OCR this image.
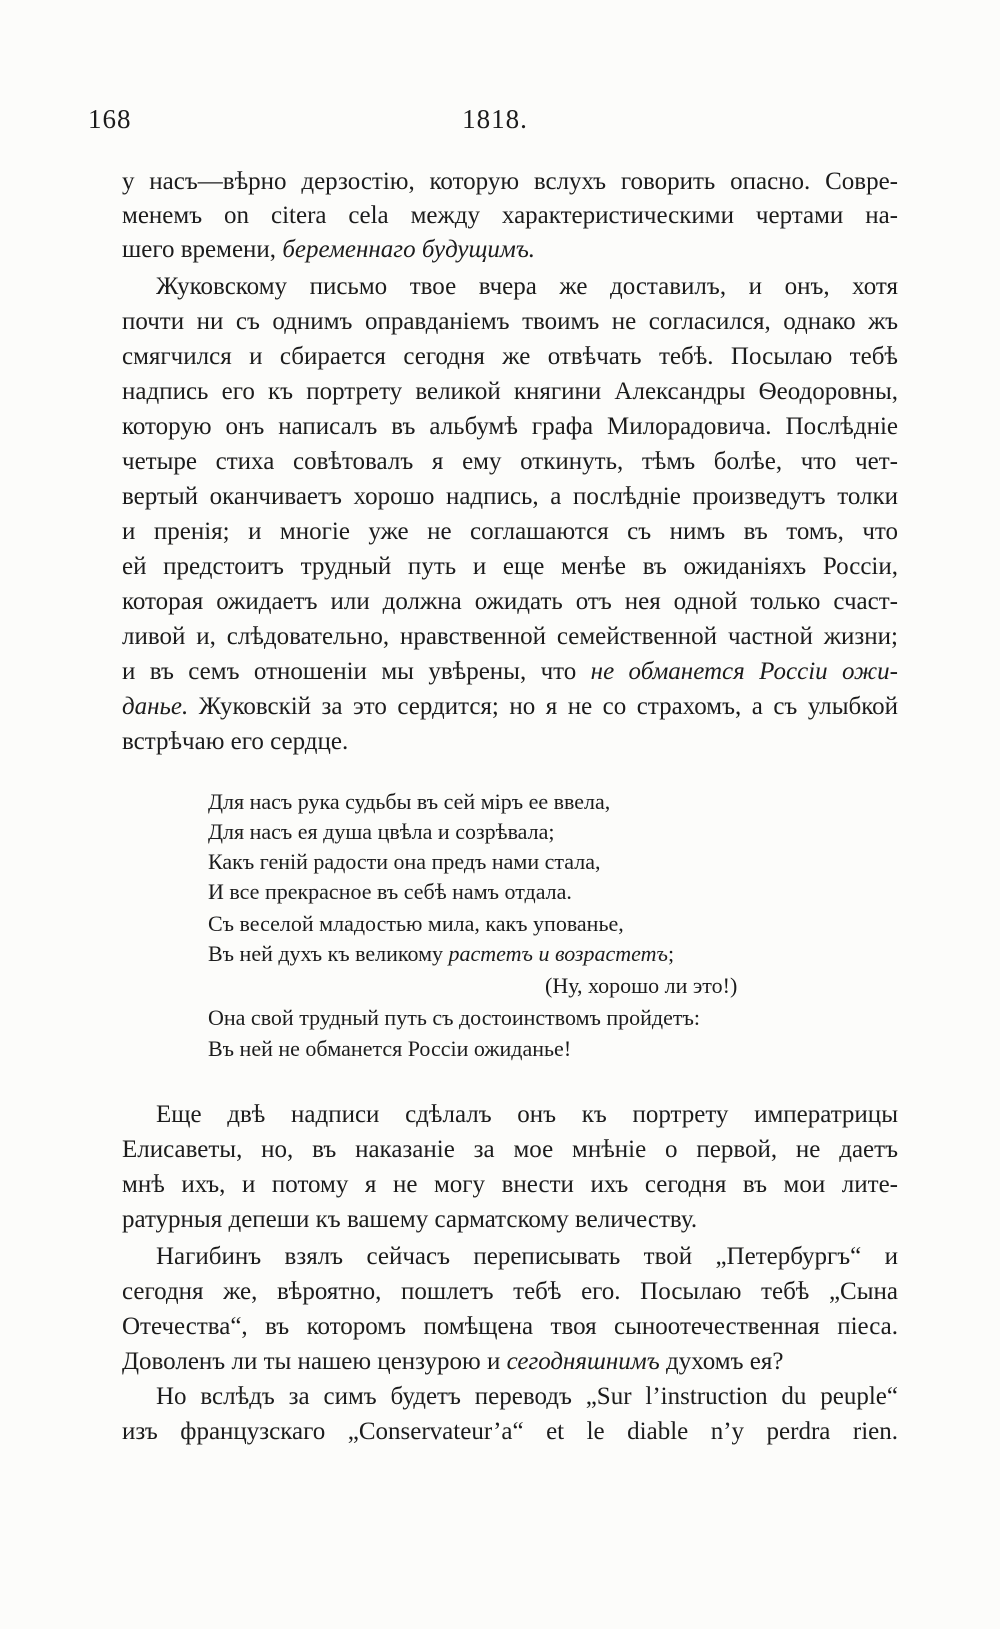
168	1818.
у насъ—вѣрно дерзостію, которую вслухъ говорить опасно. Совре-
менемъ on citera cela между характеристическими чертами на-
шего времени, беременнаго будущимъ.
Жуковскому письмо твое вчера же доставилъ, и онъ, хотя
почти ни съ однимъ оправданіемъ твоимъ не согласился, однако жъ
смягчился и сбирается сегодня же отвѣчать тебѣ. Посылаю тебѣ
надпись его къ портрету великой княгини Александры Ѳеодоровны,
которую онъ написалъ въ альбумѣ графа Милорадовича. Послѣдніе
четыре стиха совѣтовалъ я ему откинуть, тѣмъ болѣе, что чет-
вертый оканчиваетъ хорошо надпись, а послѣдніе произведутъ толки
и пренія; и многіе уже не соглашаются съ нимъ въ томъ, что
ей предстоитъ трудный путь и еще менѣе въ ожиданіяхъ Россіи,
которая ожидаетъ или должна ожидать отъ нея одной только счаст-
ливой и, слѣдовательно, нравственной семейственной частной жизни;
и въ семъ отношеніи мы увѣрены, что не обманется Россіи ожи-
данье. Жуковскій за это сердится; но я не со страхомъ, а съ улыбкой
встрѣчаю его сердце.
Для насъ рука судьбы въ сей міръ ее ввела,
Для насъ ея душа цвѣла и созрѣвала;
Какъ геній радости она предъ нами стала,
И все прекрасное въ себѣ намъ отдала.
Съ веселой младостью мила, какъ упованье,
Въ ней духъ къ великому растетъ и возрастетъ;
(Ну, хорошо ли это!)
Она свой трудный путь съ достоинствомъ пройдетъ:
Въ ней не обманется Россіи ожиданье!
Еще двѣ надписи сдѣлалъ онъ къ портрету императрицы
Елисаветы, но, въ наказаніе за мое мнѣніе о первой, не даетъ
мнѣ ихъ, и потому я не могу внести ихъ сегодня въ мои лите-
ратурныя депеши къ вашему сарматскому величеству.
Нагибинъ взялъ сейчасъ переписывать твой „Петербургъ“ и
сегодня же, вѣроятно, пошлетъ тебѣ его. Посылаю тебѣ „Сына
Отечества“, въ которомъ помѣщена твоя сыноотечественная піеса.
Доволенъ ли ты нашею цензурою и сегодняшнимъ духомъ ея?
Но вслѣдъ за симъ будетъ переводъ „Sur l’instruction du peuple“
изъ французскаго „Conservateur’a“ et le diable n’y perdra rien.
